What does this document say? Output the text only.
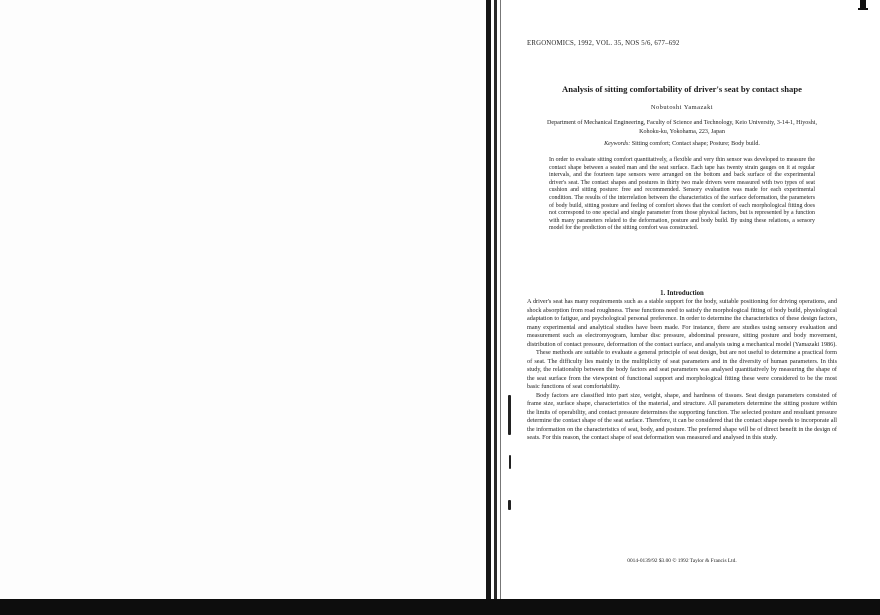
ERGONOMICS, 1992, VOL. 35, NOS 5/6, 677–692
Analysis of sitting comfortability of driver's seat by contact shape
Nobutoshi Yamazaki
Department of Mechanical Engineering, Faculty of Science and Technology, Keio University, 3-14-1, Hiyoshi, Kohoku-ku, Yokohama, 223, Japan
Keywords: Sitting comfort; Contact shape; Posture; Body build.

In order to evaluate sitting comfort quantitatively, a flexible and very thin sensor was developed to measure the contact shape between a seated man and the seat surface. Each tape has twenty strain gauges on it at regular intervals, and the fourteen tape sensors were arranged on the bottom and back surface of the experimental driver's seat. The contact shapes and postures in thirty two male drivers were measured with two types of seat cushion and sitting posture: free and recommended. Sensory evaluation was made for each experimental condition. The results of the interrelation between the characteristics of the surface deformation, the parameters of body build, sitting posture and feeling of comfort shows that the comfort of each morphological fitting does not correspond to one special and single parameter from those physical factors, but is represented by a function with many parameters related to the deformation, posture and body build. By using these relations, a sensory model for the prediction of the sitting comfort was constructed.

1. Introduction

A driver's seat has many requirements such as a stable support for the body, suitable positioning for driving operations, and shock absorption from road roughness. These functions need to satisfy the morphological fitting of body build, physiological adaptation to fatigue, and psychological personal preference. In order to determine the characteristics of these design factors, many experimental and analytical studies have been made. For instance, there are studies using sensory evaluation and measurement such as electromyogram, lumbar disc pressure, abdominal pressure, sitting posture and body movement, distribution of contact pressure, deformation of the contact surface, and analysis using a mechanical model (Yamazaki 1986).

These methods are suitable to evaluate a general principle of seat design, but are not useful to determine a practical form of seat. The difficulty lies mainly in the multiplicity of seat parameters and in the diversity of human parameters. In this study, the relationship between the body factors and seat parameters was analysed quantitatively by measuring the shape of the seat surface from the viewpoint of functional support and morphological fitting these were considered to be the most basic functions of seat comfortability.

Body factors are classified into part size, weight, shape, and hardness of tissues. Seat design parameters consisted of frame size, surface shape, characteristics of the material, and structure. All parameters determine the sitting posture within the limits of operability, and contact pressure determines the supporting function. The selected posture and resultant pressure determine the contact shape of the seat surface. Therefore, it can be considered that the contact shape needs to incorporate all the information on the characteristics of seat, body, and posture. The preferred shape will be of direct benefit in the design of seats. For this reason, the contact shape of seat deformation was measured and analysed in this study.

0014-0139/92 $3.00 © 1992 Taylor & Francis Ltd.
